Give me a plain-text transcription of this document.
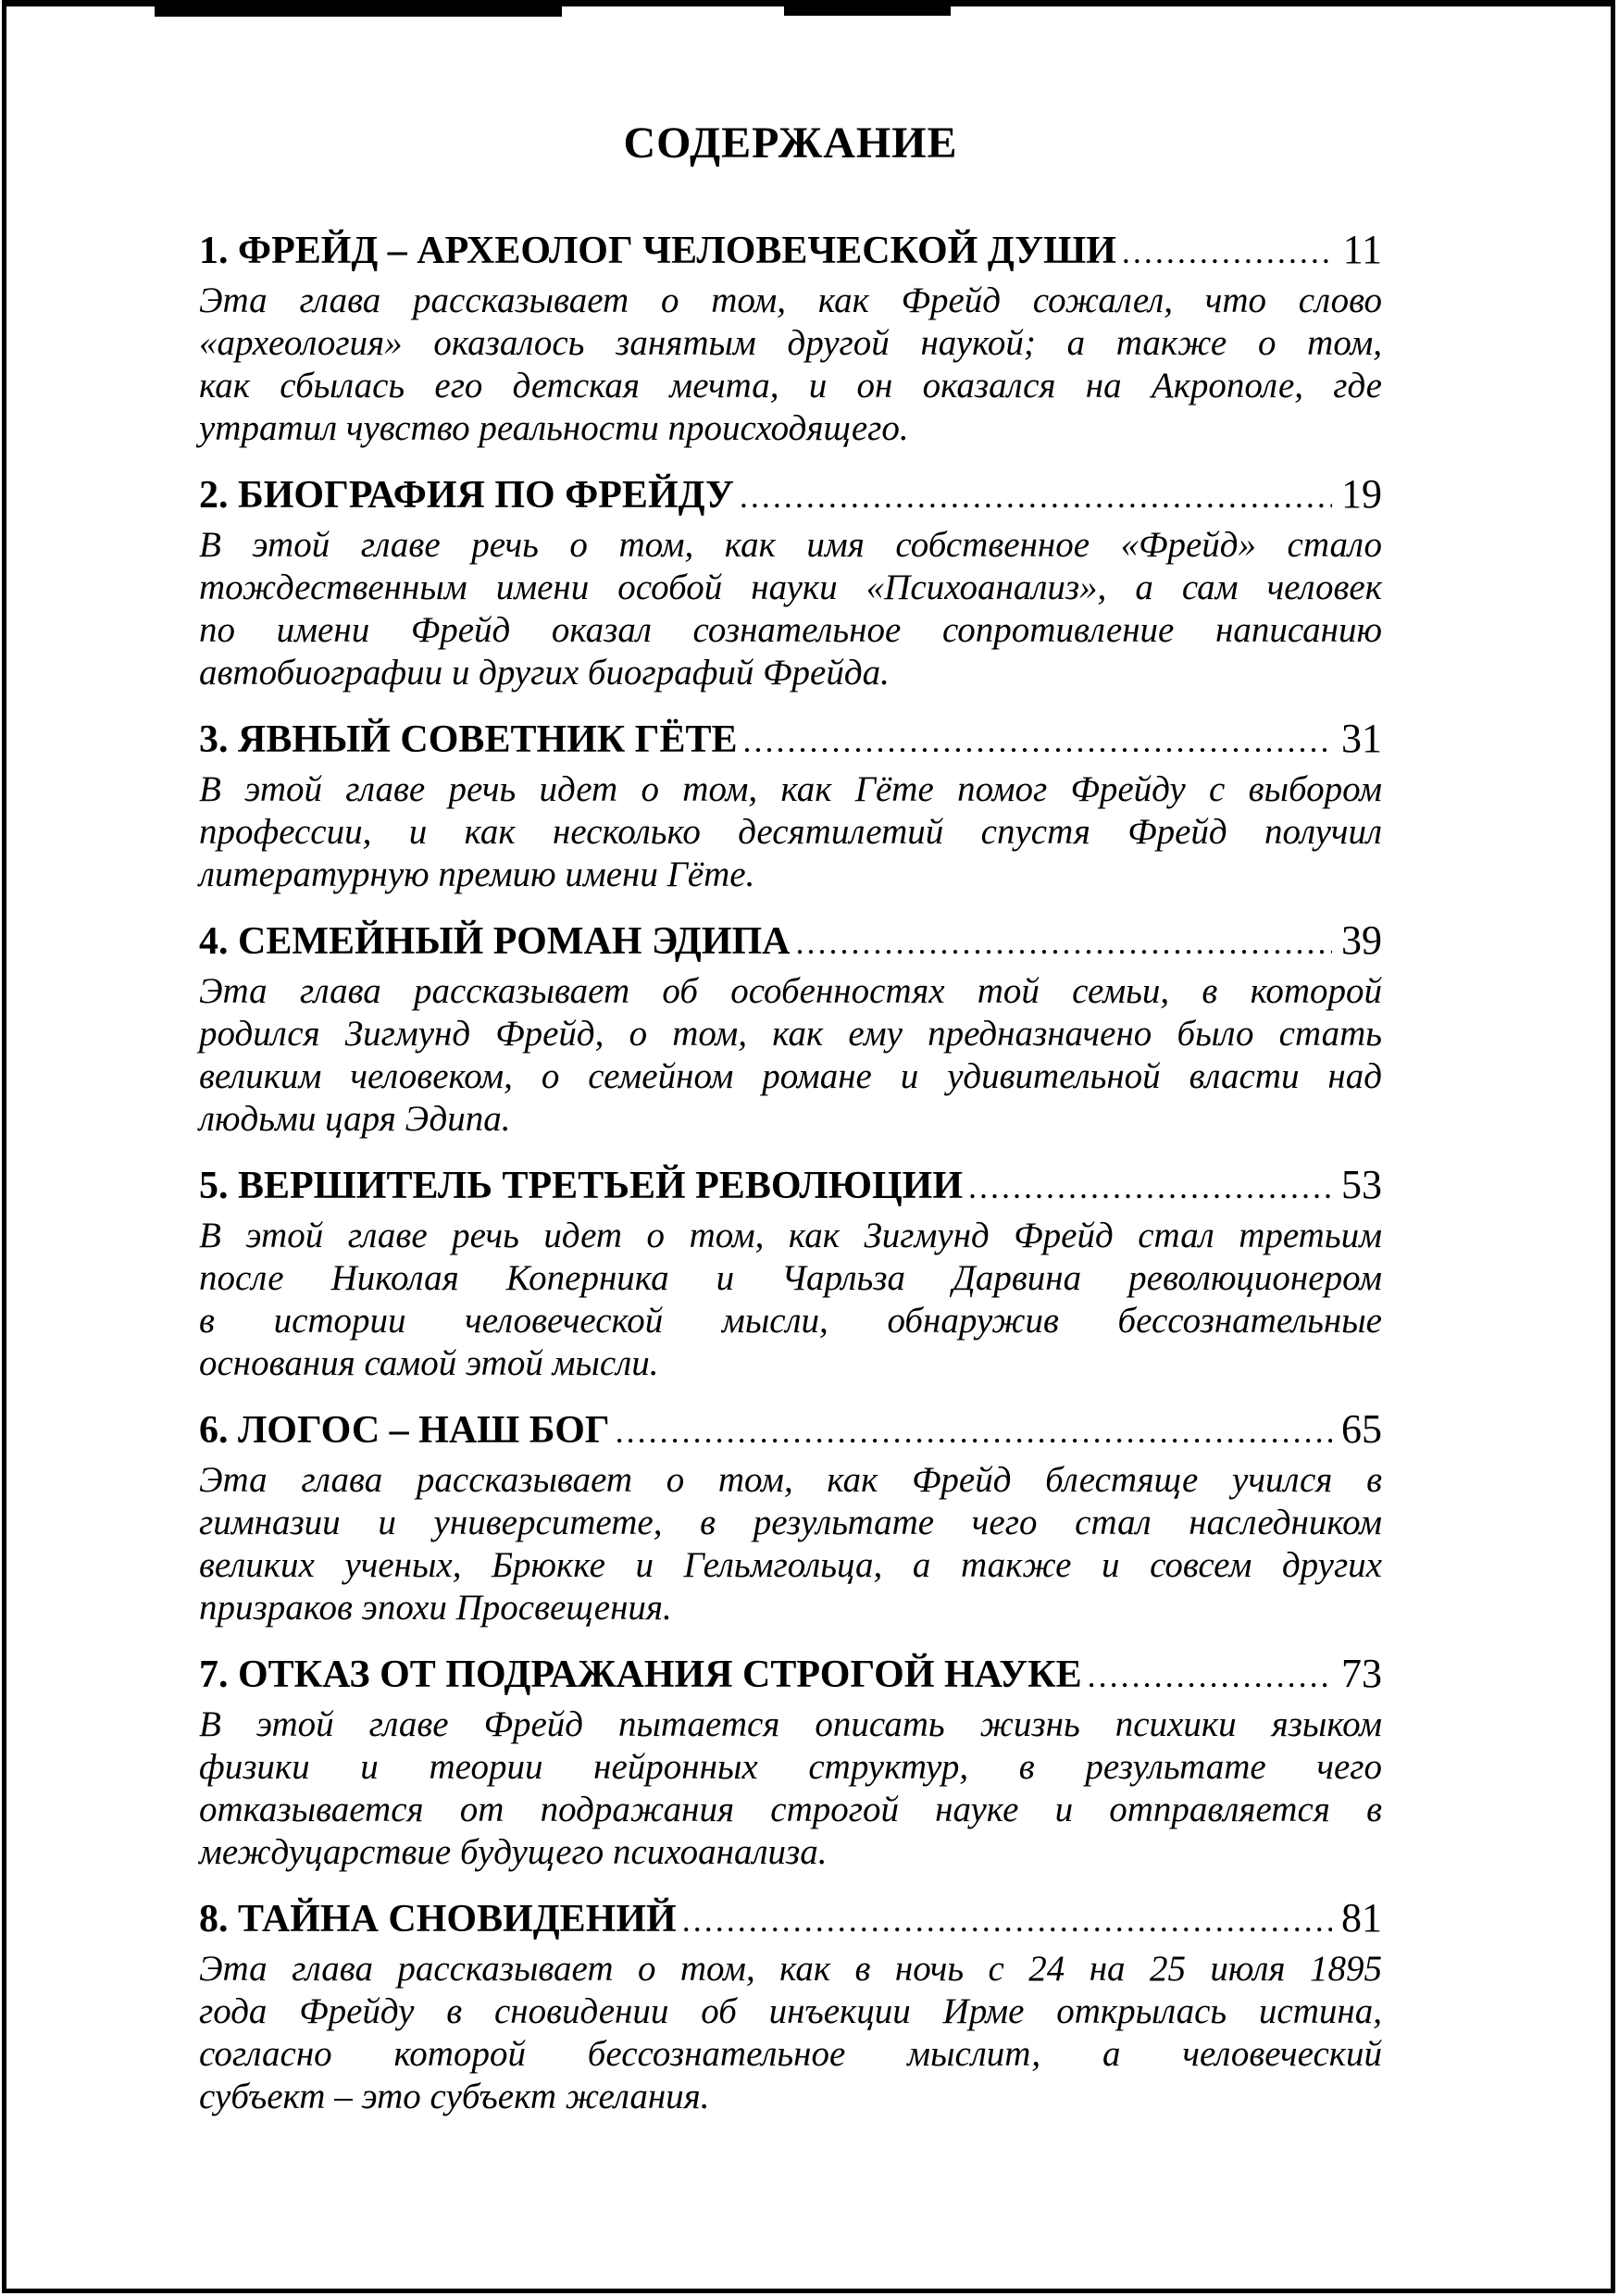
СОДЕРЖАНИЕ
1. ФРЕЙД – АРХЕОЛОГ ЧЕЛОВЕЧЕСКОЙ ДУШИ .....	11
Эта глава рассказывает о том, как Фрейд сожалел, что слово
«археология» оказалось занятым другой наукой; а также о том,
как сбылась его детская мечта, и он оказался на Акрополе, где
утратил чувство реальности происходящего.
2. БИОГРАФИЯ ПО ФРЕЙДУ .....	19
В этой главе речь о том, как имя собственное «Фрейд» стало
тождественным имени особой науки «Психоанализ», а сам человек
по имени Фрейд оказал сознательное сопротивление написанию
автобиографии и других биографий Фрейда.
3. ЯВНЫЙ СОВЕТНИК ГЁТЕ .....	31
В этой главе речь идет о том, как Гёте помог Фрейду с выбором
профессии, и как несколько десятилетий спустя Фрейд получил
литературную премию имени Гёте.
4. СЕМЕЙНЫЙ РОМАН ЭДИПА .....	39
Эта глава рассказывает об особенностях той семьи, в которой
родился Зигмунд Фрейд, о том, как ему предназначено было стать
великим человеком, о семейном романе и удивительной власти над
людьми царя Эдипа.
5. ВЕРШИТЕЛЬ ТРЕТЬЕЙ РЕВОЛЮЦИИ .....	53
В этой главе речь идет о том, как Зигмунд Фрейд стал третьим
после Николая Коперника и Чарльза Дарвина революционером
в истории человеческой мысли, обнаружив бессознательные
основания самой этой мысли.
6. ЛОГОС – НАШ БОГ .....	65
Эта глава рассказывает о том, как Фрейд блестяще учился в
гимназии и университете, в результате чего стал наследником
великих ученых, Брюкке и Гельмгольца, а также и совсем других
призраков эпохи Просвещения.
7. ОТКАЗ ОТ ПОДРАЖАНИЯ СТРОГОЙ НАУКЕ .....	73
В этой главе Фрейд пытается описать жизнь психики языком
физики и теории нейронных структур, в результате чего
отказывается от подражания строгой науке и отправляется в
междуцарствие будущего психоанализа.
8. ТАЙНА СНОВИДЕНИЙ .....	81
Эта глава рассказывает о том, как в ночь с 24 на 25 июля 1895
года Фрейду в сновидении об инъекции Ирме открылась истина,
согласно которой бессознательное мыслит, а человеческий
субъект – это субъект желания.
